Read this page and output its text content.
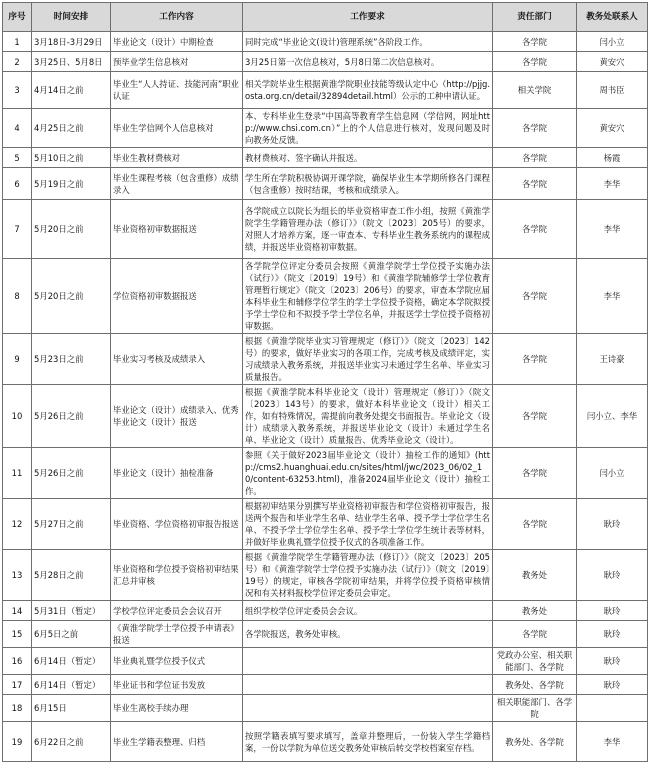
序号	时间安排	工作内容	工作要求	责任部门	教务处联系人
1	3月18日-3月29日	毕业论文（设计）中期检查	同时完成“毕业论文(设计)管理系统”各阶段工作。	各学院	闫小立
2	3月25日、5月8日	预毕业学生信息核对	3月25日第一次信息核对，5月8日第二次信息核对。	各学院	黄安穴
3	4月14日之前	毕业生“人人持证、技能河南”职业认证	相关学院毕业生根据黄淮学院职业技能等级认定中心（http://pjjg.osta.org.cn/detail/32894detail.html）公示的工种申请认证。	相关学院	周书臣
4	4月25日之前	毕业生学信网个人信息核对	本、专科毕业生登录“中国高等教育学生信息网（学信网，网址http://www.chsi.com.cn）”上的个人信息进行核对，发现问题及时向教务处反馈。	各学院	黄安穴
5	5月10日之前	毕业生教材费核对	教材费核对、签字确认并报送。	各学院	杨霞
6	5月19日之前	毕业生课程考核（包含重修）成绩录入	学生所在学院积极协调开课学院，确保毕业生本学期所修各门课程（包含重修）按时结课，考核和成绩录入。	各学院	李华
7	5月20日之前	毕业资格初审数据报送	各学院成立以院长为组长的毕业资格审查工作小组，按照《黄淮学院学生学籍管理办法（修订）》（院文〔2023〕205号）的要求，对照人才培养方案，逐一审查本、专科毕业生教务系统内的课程成绩，并报送毕业资格初审数据。	各学院	李华
8	5月20日之前	学位资格初审数据报送	各学院学位评定分委员会按照《黄淮学院学士学位授予实施办法（试行）》（院文〔2019〕19号）和《黄淮学院辅修学士学位教育管理暂行规定》（院文〔2023〕206号）的要求，审查本学院应届本科毕业生和辅修学位学生的学士学位授予资格，确定本学院拟授予学士学位和不拟授予学士学位名单，并报送学士学位授予资格初审数据。	各学院	李华
9	5月23日之前	毕业实习考核及成绩录入	根据《黄淮学院毕业实习管理规定（修订）》（院文〔2023〕142号）的要求，做好毕业实习的各项工作，完成考核及成绩评定，实习成绩录入教务系统，并报送毕业实习未通过学生名单、毕业实习质量报告。	各学院	王诗豪
10	5月26日之前	毕业论文（设计）成绩录入、优秀毕业论文（设计）报送	根据《黄淮学院本科毕业论文（设计）管理规定（修订）》（院文〔2023〕143号）的要求，做好本科毕业论文（设计）相关工作，如有特殊情况，需提前向教务处提交书面报告。毕业论文（设计）成绩录入教务系统，并报送毕业论文（设计）未通过学生名单、毕业论文（设计）质量报告、优秀毕业论文（设计）。	各学院	闫小立、李华
11	5月26日之前	毕业论文（设计）抽检准备	参照《关于做好2023届毕业论文（设计）抽检工作的通知》(http://cms2.huanghuai.edu.cn/sites/html/jwc/2023_06/02_10/content-63253.html)，准备2024届毕业论文（设计）抽检工作。	各学院	闫小立
12	5月27日之前	毕业资格、学位资格初审报告报送	根据初审结果分别撰写毕业资格初审报告和学位资格初审报告，报送两个报告和毕业学生名单、结业学生名单、授予学士学位学生名单、不授予学士学位学生名单、授予学士学位学生统计表等材料，并做好毕业典礼暨学位授予仪式的各项准备工作。	各学院	耿玲
13	5月28日之前	毕业资格和学位授予资格初审结果汇总并审核	根据《黄淮学院学生学籍管理办法（修订）》（院文〔2023〕205号）和《黄淮学院学士学位授予实施办法（试行）》（院文〔2019〕19号）的规定，审核各学院初审结果，并将学位授予资格审核情况和有关材料报校学位评定委员会审定。	教务处	耿玲
14	5月31日（暂定）	学校学位评定委员会会议召开	组织学校学位评定委员会会议。	教务处	耿玲
15	6月5日之前	《黄淮学院学士学位授予申请表》报送	各学院报送，教务处审核。	各学院	耿玲
16	6月14日（暂定）	毕业典礼暨学位授予仪式		党政办公室、相关职能部门、各学院	耿玲
17	6月14日（暂定）	毕业证书和学位证书发放		教务处、各学院	耿玲
18	6月15日	毕业生离校手续办理		相关职能部门、各学院	
19	6月22日之前	毕业生学籍表整理、归档	按照学籍表填写要求填写，盖章并整理后，一份装入学生学籍档案，一份以学院为单位送交教务处审核后转交学校档案室存档。	教务处、各学院	李华
